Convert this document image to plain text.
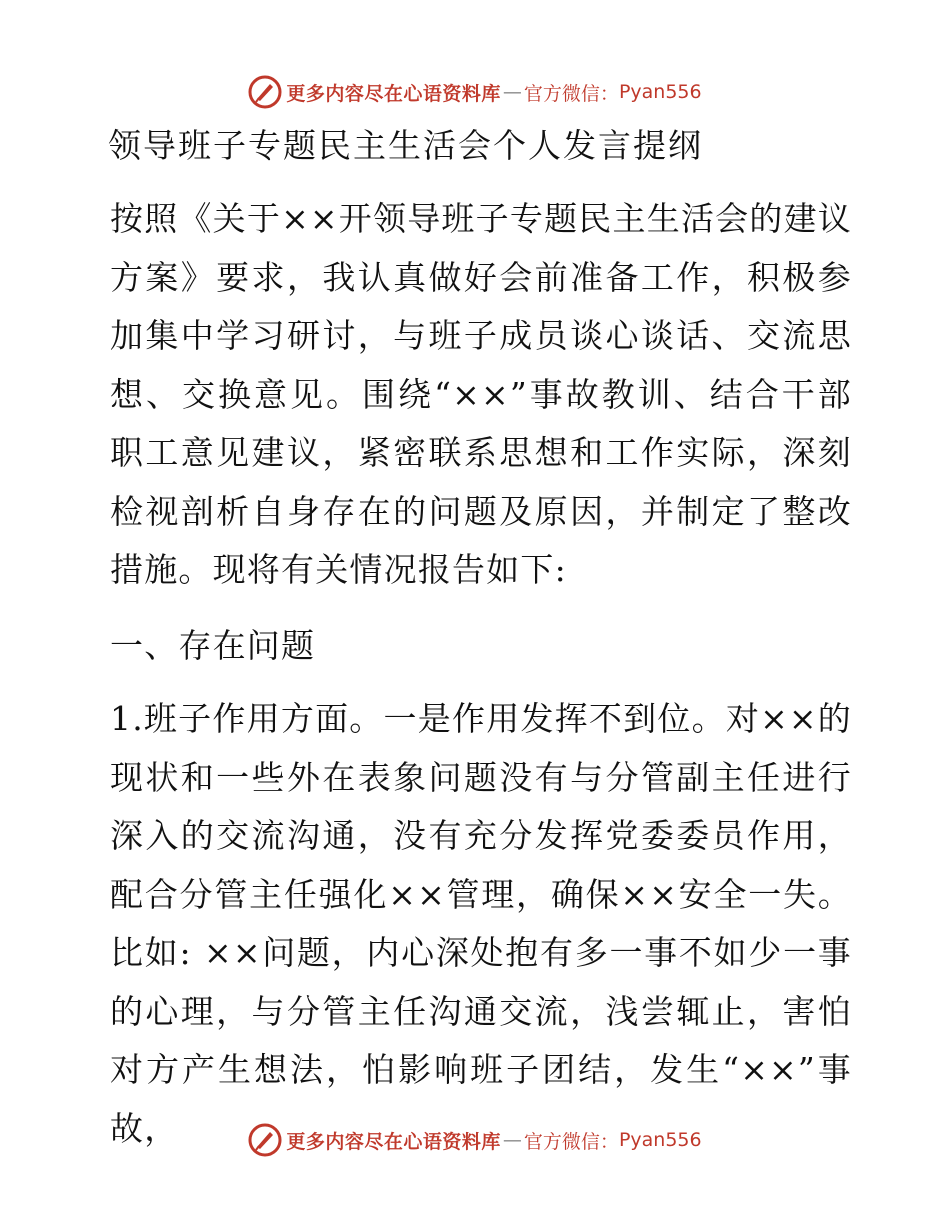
更多内容尽在心语资料库 — 官方微信： Pyan556
领导班子专题民主生活会个人发言提纲

按照《关于××开领导班子专题民主生活会的建议方案》要求，我认真做好会前准备工作，积极参加集中学习研讨，与班子成员谈心谈话、交流思想、交换意见。围绕“××”事故教训、结合干部职工意见建议，紧密联系思想和工作实际，深刻检视剖析自身存在的问题及原因，并制定了整改措施。现将有关情况报告如下:

一、存在问题

1.班子作用方面。一是作用发挥不到位。对××的现状和一些外在表象问题没有与分管副主任进行深入的交流沟通，没有充分发挥党委委员作用，配合分管主任强化××管理，确保××安全一失。比如: ××问题，内心深处抱有多一事不如少一事的心理，与分管主任沟通交流，浅尝辄止，害怕对方产生想法，怕影响班子团结，发生“××”事故，	更多内容尽在心语资料库 — 官方微信： Pyan556
